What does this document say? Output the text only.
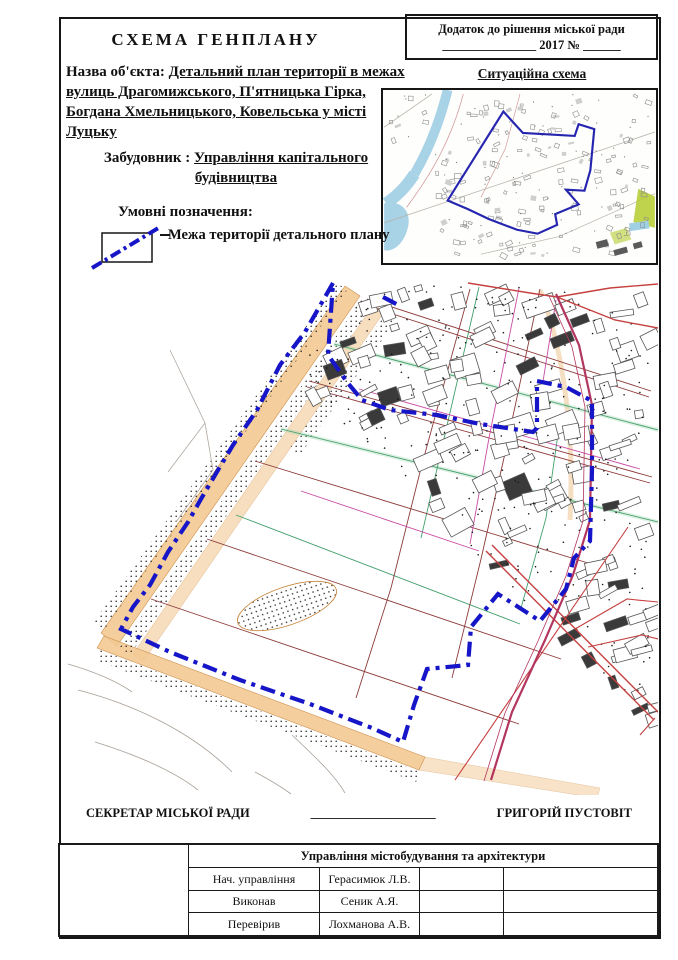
СХЕМА ГЕНПЛАНУ
Додаток до рішення міської ради
_______________ 2017 № ______
Ситуаційна схема
Назва об'єкта: Детальний план території в межах вулиць Драгомижського, П'ятницька Гірка, Богдана Хмельницького, Ковельська у місті Луцьку
Забудовник : Управління капітального будівництва
Умовні позначення:
Межа території детального плану
СЕКРЕТАР МІСЬКОЇ РАДИ	____________________	ГРИГОРІЙ ПУСТОВІТ
Управління містобудування та архітектури
Нач. управління	Герасимюк Л.В.
Виконав	Сеник А.Я.
Перевірив	Лохманова А.В.
